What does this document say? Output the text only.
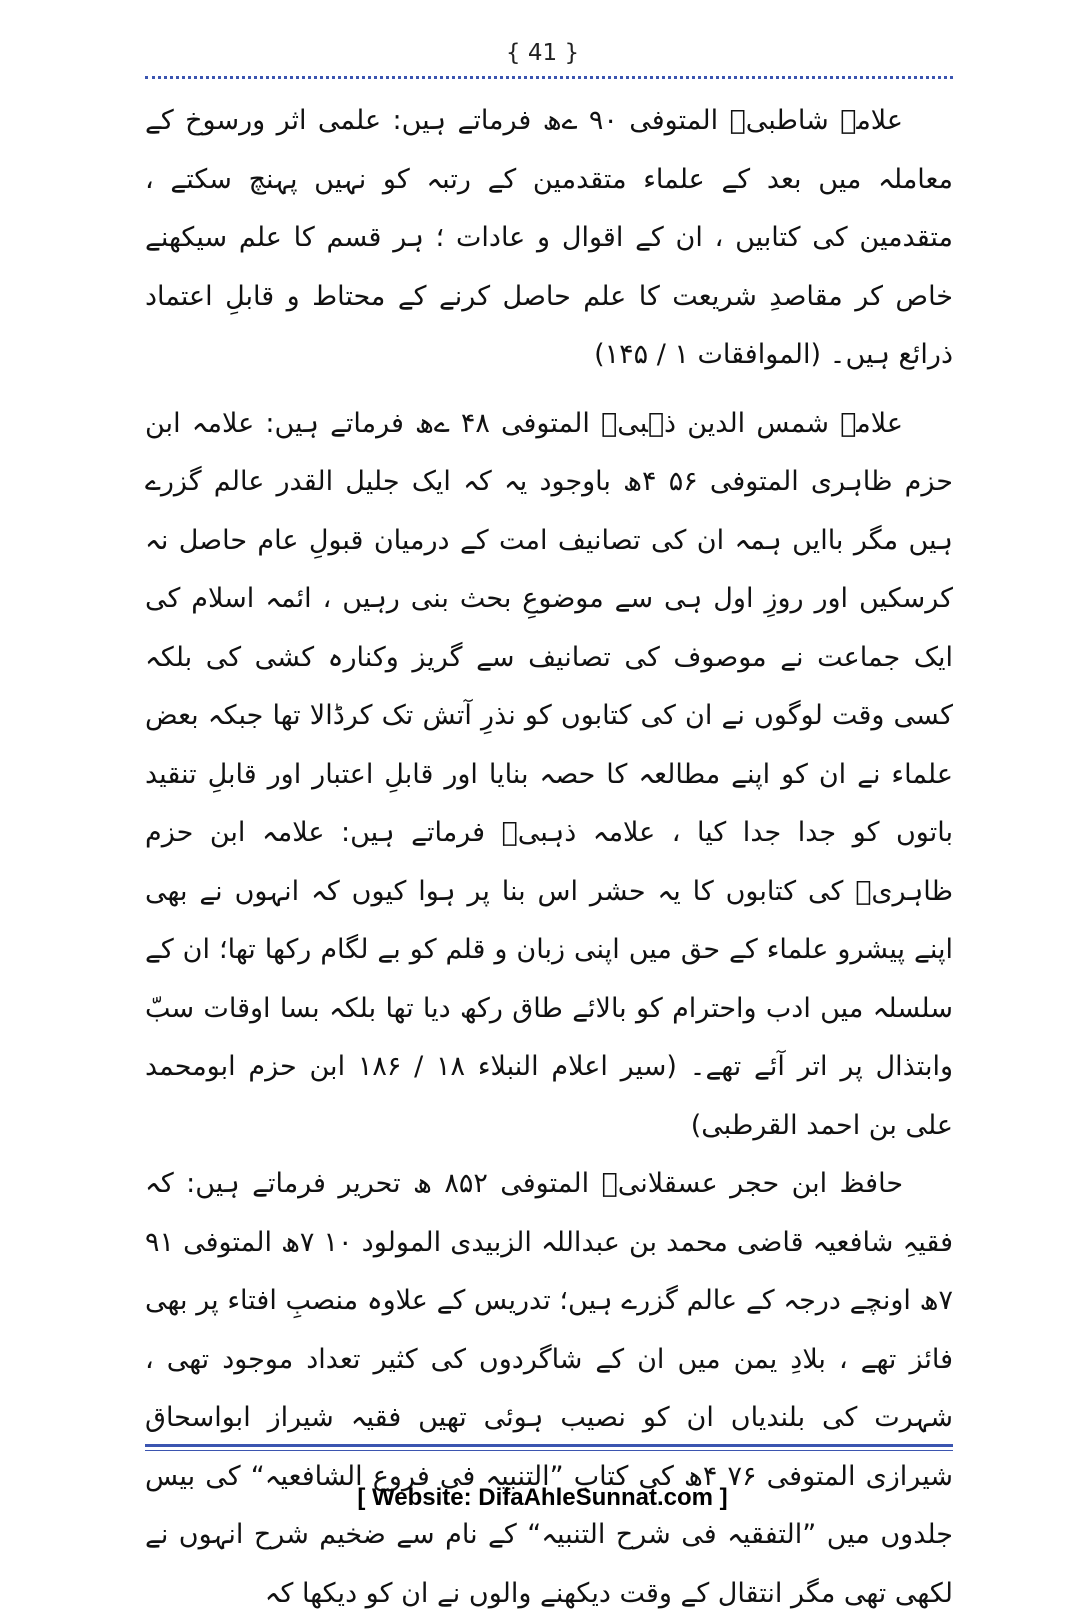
{ 41 }

علامہ شاطبیؒ المتوفی ۹۰ ےھ فرماتے ہیں: علمی اثر ورسوخ کے معاملہ میں بعد کے علماء متقدمین کے رتبہ کو نہیں پہنچ سکتے ، متقدمین کی کتابیں ، ان کے اقوال و عادات ؛ ہر قسم کا علم سیکھنے خاص کر مقاصدِ شریعت کا علم حاصل کرنے کے محتاط و قابلِ اعتماد ذرائع ہیں۔ (الموافقات ۱ / ۱۴۵)

علامہ شمس الدین ذہبیؒ المتوفی ۴۸ ےھ فرماتے ہیں: علامہ ابن حزم ظاہری المتوفی ۵۶ ۴ھ باوجود یہ کہ ایک جلیل القدر عالم گزرے ہیں مگر باایں ہمہ ان کی تصانیف امت کے درمیان قبولِ عام حاصل نہ کرسکیں اور روزِ اول ہی سے موضوعِ بحث بنی رہیں ، ائمہ اسلام کی ایک جماعت نے موصوف کی تصانیف سے گریز وکنارہ کشی کی بلکہ کسی وقت لوگوں نے ان کی کتابوں کو نذرِ آتش تک کرڈالا تھا جبکہ بعض علماء نے ان کو اپنے مطالعہ کا حصہ بنایا اور قابلِ اعتبار اور قابلِ تنقید باتوں کو جدا جدا کیا ، علامہ ذہبیؒ فرماتے ہیں: علامہ ابن حزم ظاہریؒ کی کتابوں کا یہ حشر اس بنا پر ہوا کیوں کہ انہوں نے بھی اپنے پیشرو علماء کے حق میں اپنی زبان و قلم کو بے لگام رکھا تھا؛ ان کے سلسلہ میں ادب واحترام کو بالائے طاق رکھ دیا تھا بلکہ بسا اوقات سبّ وابتذال پر اتر آئے تھے۔ (سیر اعلام النبلاء ۱۸ / ۱۸۶ ابن حزم ابومحمد علی بن احمد القرطبی)

حافظ ابن حجر عسقلانیؒ المتوفی ۸۵۲ ھ تحریر فرماتے ہیں: کہ فقیہِ شافعیہ قاضی محمد بن عبداللہ الزبیدی المولود ۱۰ ۷ھ المتوفی ۹۱ ۷ھ اونچے درجہ کے عالم گزرے ہیں؛ تدریس کے علاوہ منصبِ افتاء پر بھی فائز تھے ، بلادِ یمن میں ان کے شاگردوں کی کثیر تعداد موجود تھی ، شہرت کی بلندیاں ان کو نصیب ہوئی تھیں فقیہ شیراز ابواسحاق شیرازی المتوفی ۷۶ ۴ھ کی کتاب ”التنبیہ فی فروع الشافعیہ“ کی بیس جلدوں میں ”التفقیہ فی شرح التنبیہ“ کے نام سے ضخیم شرح انہوں نے لکھی تھی مگر انتقال کے وقت دیکھنے والوں نے ان کو دیکھا کہ

[ Website: DifaAhleSunnat.com ]
